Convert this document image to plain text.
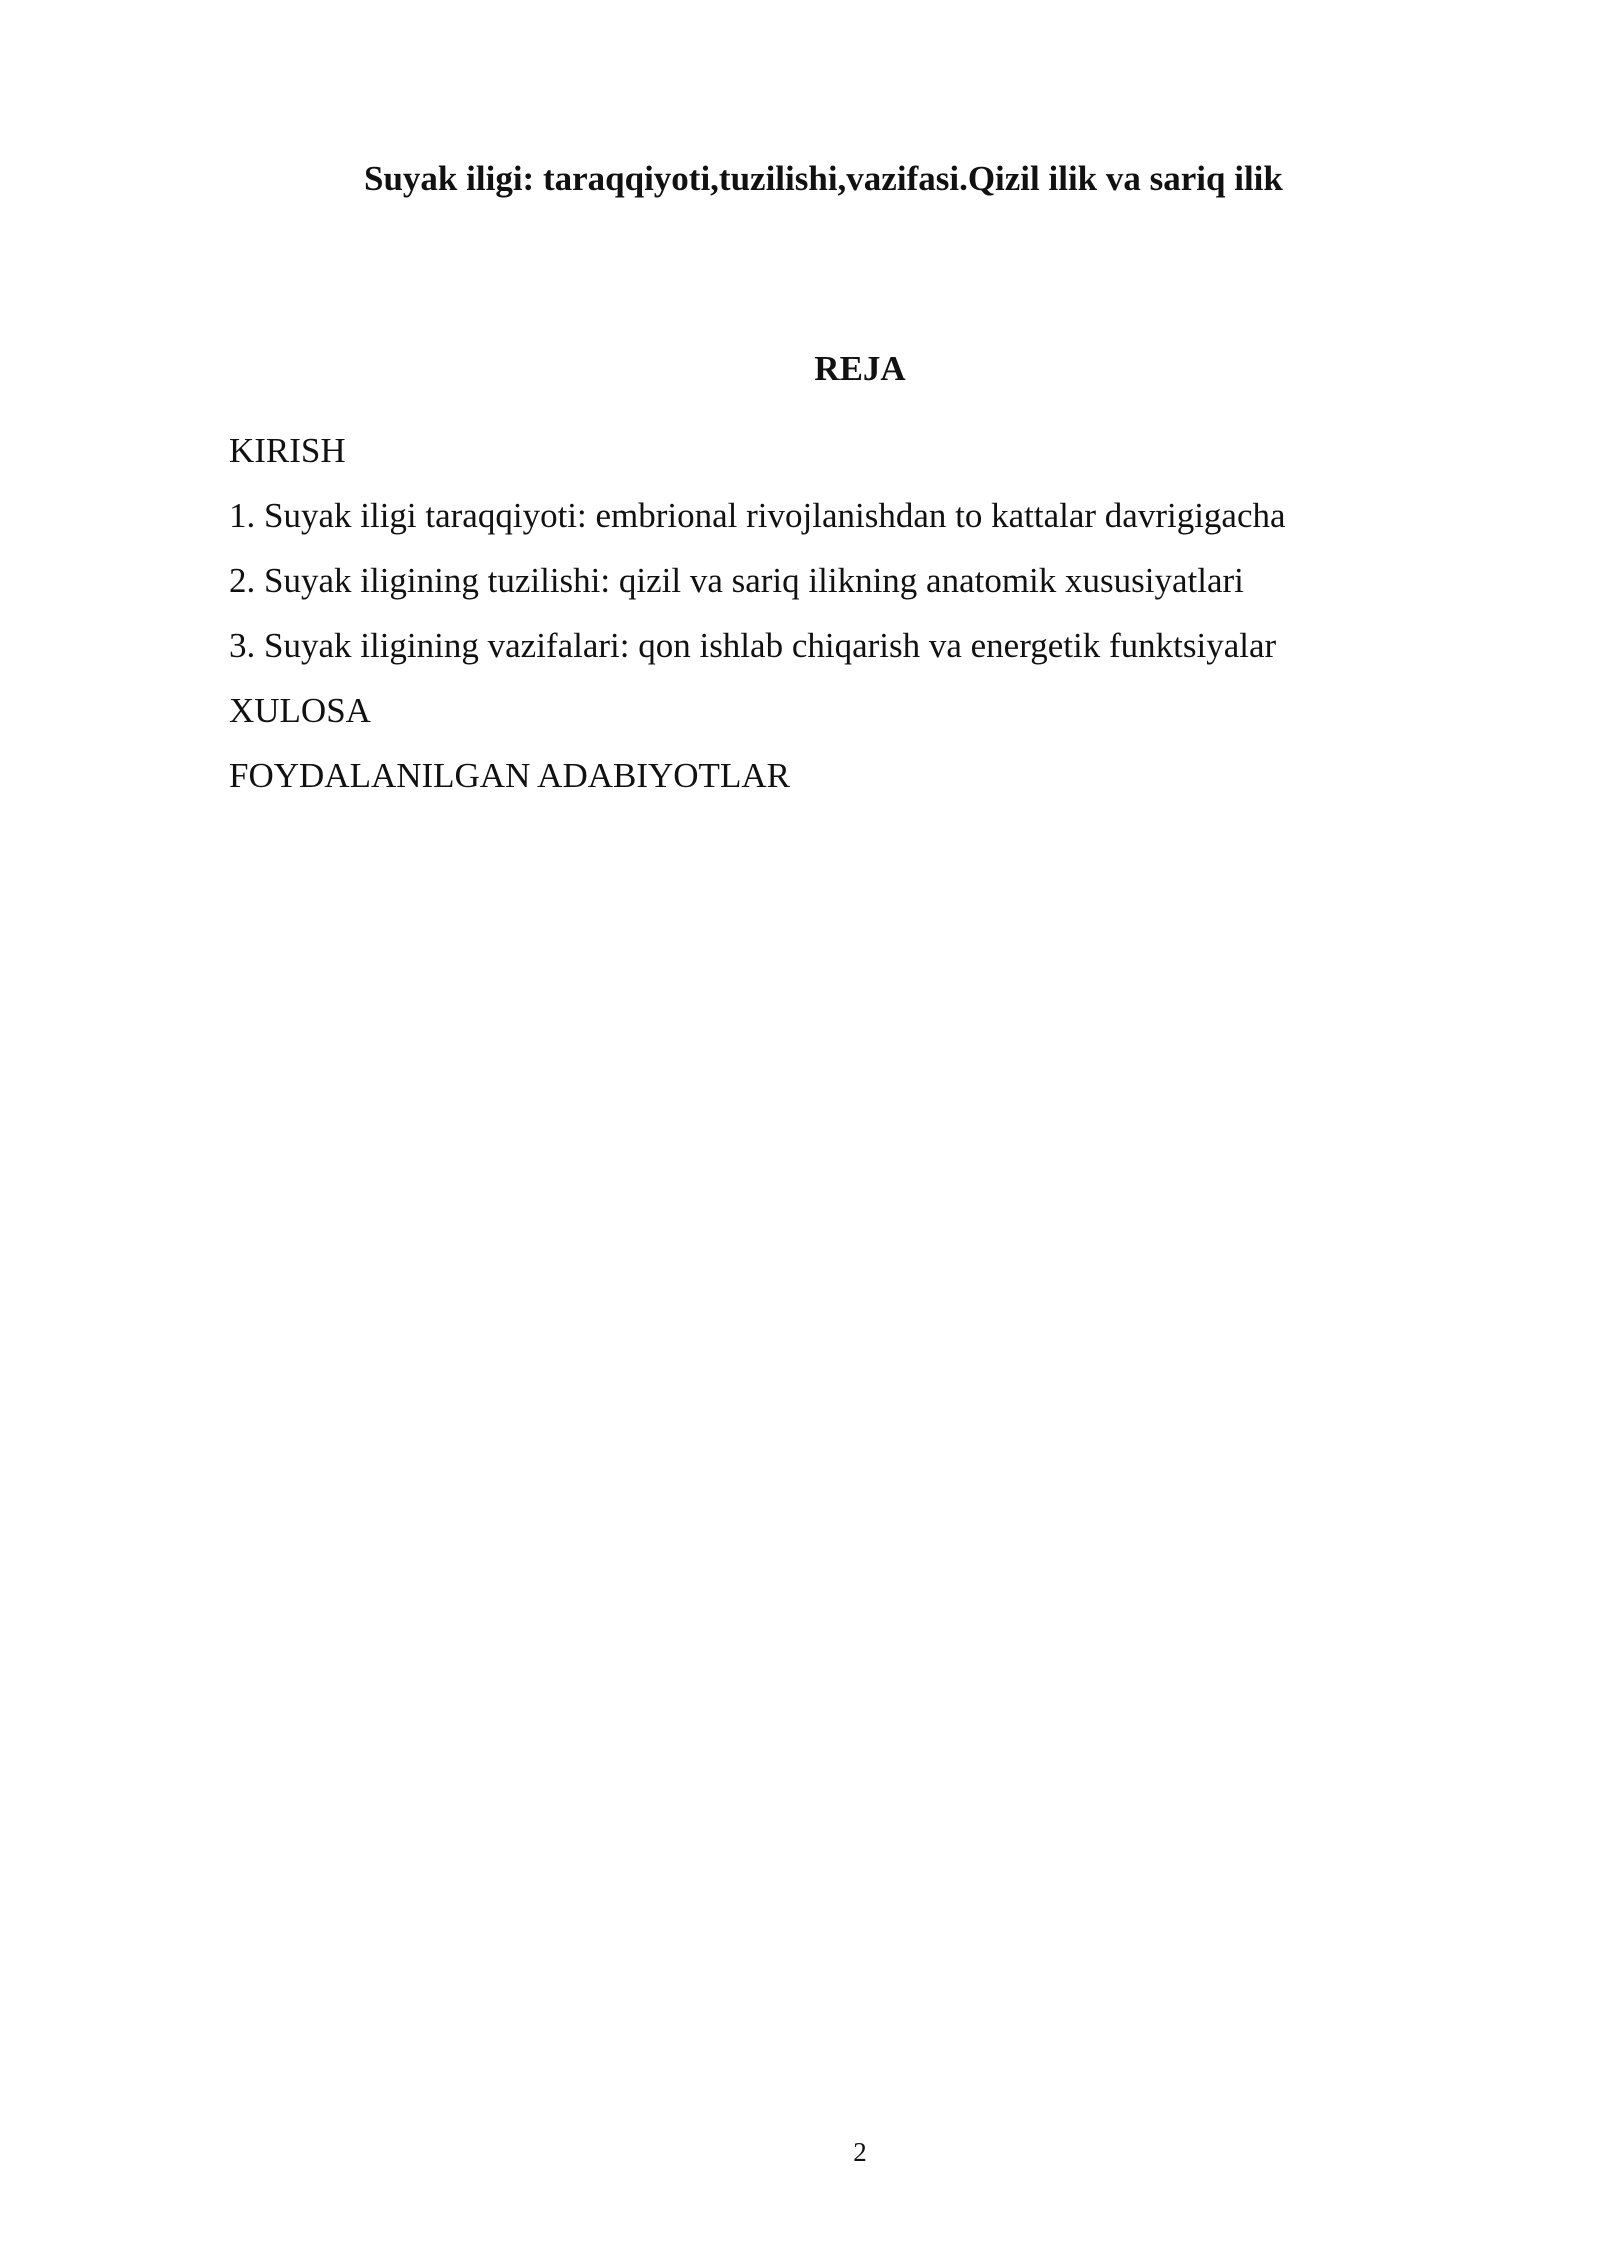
Suyak iligi: taraqqiyoti,tuzilishi,vazifasi.Qizil ilik va sariq ilik
REJA
KIRISH
1. Suyak iligi taraqqiyoti: embrional rivojlanishdan to kattalar davrigigacha
2. Suyak iligining tuzilishi: qizil va sariq ilikning anatomik xususiyatlari
3. Suyak iligining vazifalari: qon ishlab chiqarish va energetik funktsiyalar
XULOSA
FOYDALANILGAN ADABIYOTLAR
2
